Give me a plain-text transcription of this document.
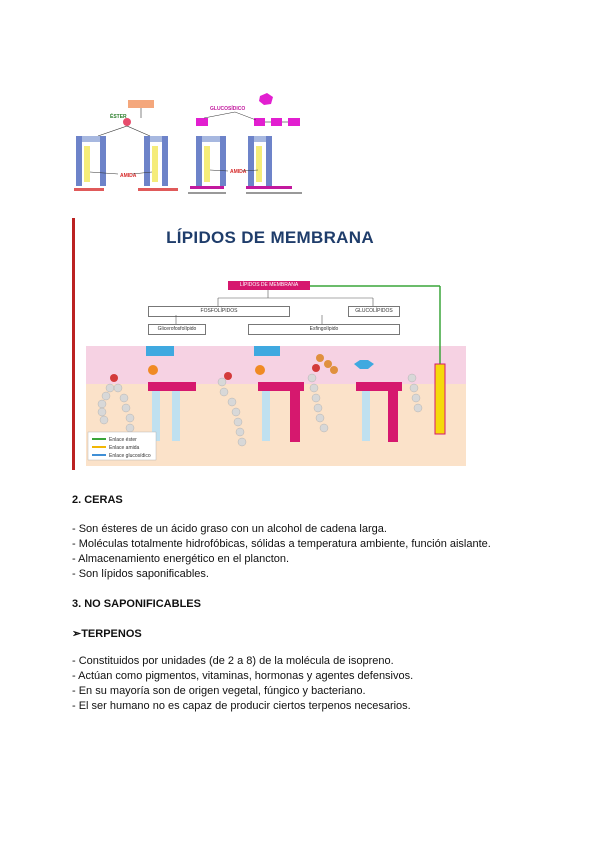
ÉSTER
AMIDA
GLUCOSÍDICO
AMIDA
LÍPIDOS DE MEMBRANA
LÍPIDOS DE MEMBRANA
FOSFOLÍPIDOS	GLUCOLÍPIDOS
Glicerofosfolípido	Esfingolípido
Enlace éster
Enlace amida
Enlace glucosídico
2. CERAS
- Son ésteres de un ácido graso con un alcohol de cadena larga.
- Moléculas totalmente hidrofóbicas, sólidas a temperatura ambiente, función aislante.
- Almacenamiento energético en el plancton.
- Son lípidos saponificables.
3. NO SAPONIFICABLES
➢TERPENOS
- Constituidos por unidades (de 2 a 8) de la molécula de isopreno.
- Actúan como pigmentos, vitaminas, hormonas y agentes defensivos.
- En su mayoría son de origen vegetal, fúngico y bacteriano.
- El ser humano no es capaz de producir ciertos terpenos necesarios.
